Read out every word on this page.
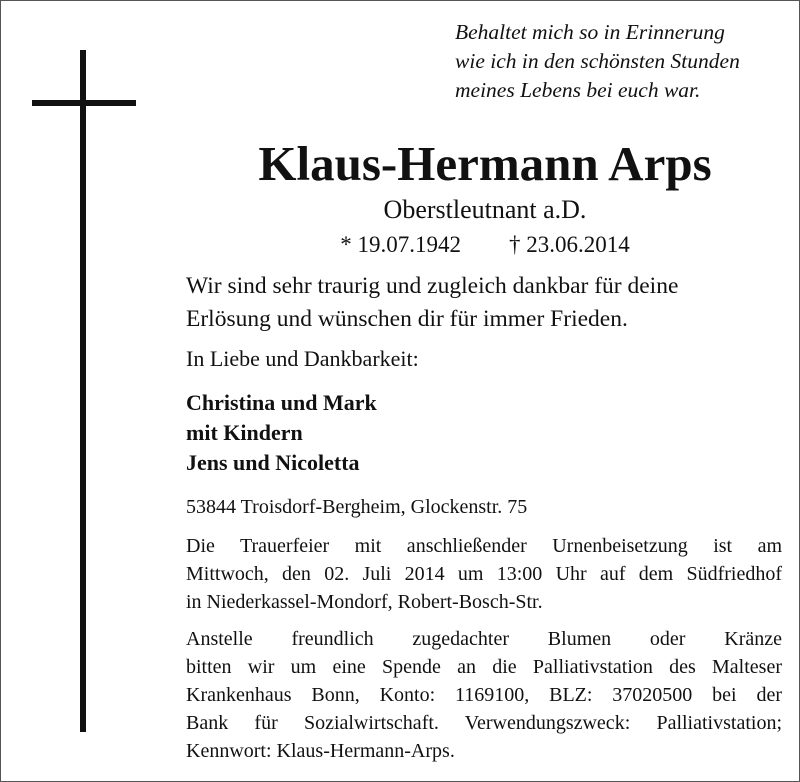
Behaltet mich so in Erinnerung
wie ich in den schönsten Stunden
meines Lebens bei euch war.
Klaus-Hermann Arps
Oberstleutnant a.D.
* 19.07.1942 † 23.06.2014
Wir sind sehr traurig und zugleich dankbar für deine
Erlösung und wünschen dir für immer Frieden.
In Liebe und Dankbarkeit:
Christina und Mark
mit Kindern
Jens und Nicoletta
53844 Troisdorf-Bergheim, Glockenstr. 75
Die Trauerfeier mit anschließender Urnenbeisetzung ist am
Mittwoch, den 02. Juli 2014 um 13:00 Uhr auf dem Südfriedhof
in Niederkassel-Mondorf, Robert-Bosch-Str.
Anstelle freundlich zugedachter Blumen oder Kränze
bitten wir um eine Spende an die Palliativstation des Malteser
Krankenhaus Bonn, Konto: 1169100, BLZ: 37020500 bei der
Bank für Sozialwirtschaft. Verwendungszweck: Palliativstation;
Kennwort: Klaus-Hermann-Arps.
